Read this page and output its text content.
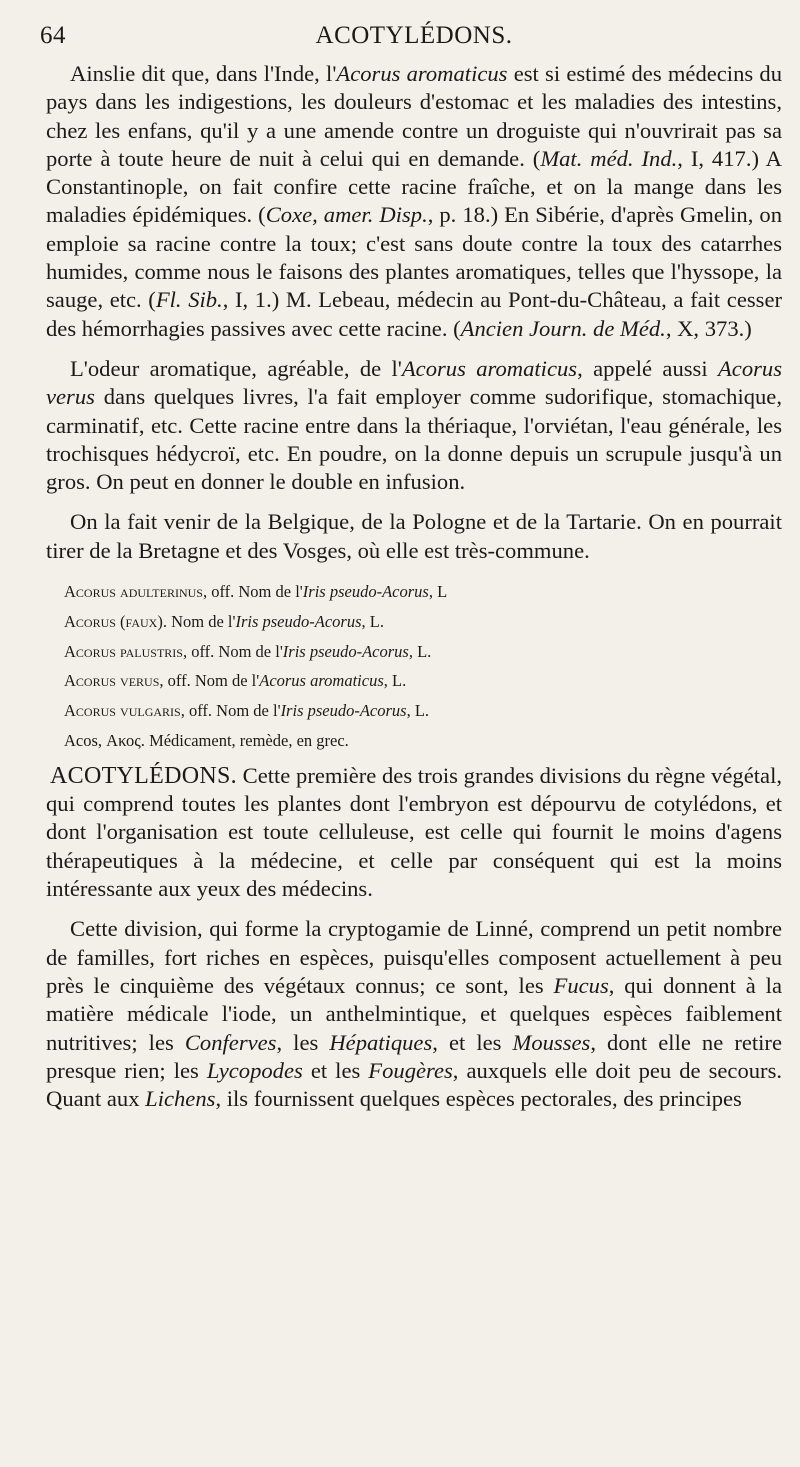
64	ACOTYLÉDONS.

Ainslie dit que, dans l'Inde, l'Acorus aromaticus est si estimé des médecins du pays dans les indigestions, les douleurs d'estomac et les maladies des intestins, chez les enfans, qu'il y a une amende contre un droguiste qui n'ouvrirait pas sa porte à toute heure de nuit à celui qui en demande. (Mat. méd. Ind., I, 417.) A Constantinople, on fait confire cette racine fraîche, et on la mange dans les maladies épidémiques. (Coxe, amer. Disp., p. 18.) En Sibérie, d'après Gmelin, on emploie sa racine contre la toux; c'est sans doute contre la toux des catarrhes humides, comme nous le faisons des plantes aromatiques, telles que l'hyssope, la sauge, etc. (Fl. Sib., I, 1.) M. Lebeau, médecin au Pont-du-Château, a fait cesser des hémorrhagies passives avec cette racine. (Ancien Journ. de Méd., X, 373.)

L'odeur aromatique, agréable, de l'Acorus aromaticus, appelé aussi Acorus verus dans quelques livres, l'a fait employer comme sudorifique, stomachique, carminatif, etc. Cette racine entre dans la thériaque, l'orviétan, l'eau générale, les trochisques hédycroï, etc. En poudre, on la donne depuis un scrupule jusqu'à un gros. On peut en donner le double en infusion.

On la fait venir de la Belgique, de la Pologne et de la Tartarie. On en pourrait tirer de la Bretagne et des Vosges, où elle est très-commune.

Acorus adulterinus, off. Nom de l'Iris pseudo-Acorus, L
Acorus (faux). Nom de l'Iris pseudo-Acorus, L.
Acorus palustris, off. Nom de l'Iris pseudo-Acorus, L.
Acorus verus, off. Nom de l'Acorus aromaticus, L.
Acorus vulgaris, off. Nom de l'Iris pseudo-Acorus, L.
Acos, Ακος. Médicament, remède, en grec.

ACOTYLÉDONS. Cette première des trois grandes divisions du règne végétal, qui comprend toutes les plantes dont l'embryon est dépourvu de cotylédons, et dont l'organisation est toute celluleuse, est celle qui fournit le moins d'agens thérapeutiques à la médecine, et celle par conséquent qui est la moins intéressante aux yeux des médecins.

Cette division, qui forme la cryptogamie de Linné, comprend un petit nombre de familles, fort riches en espèces, puisqu'elles composent actuellement à peu près le cinquième des végétaux connus; ce sont, les Fucus, qui donnent à la matière médicale l'iode, un anthelmintique, et quelques espèces faiblement nutritives; les Conferves, les Hépatiques, et les Mousses, dont elle ne retire presque rien; les Lycopodes et les Fougères, auxquels elle doit peu de secours. Quant aux Lichens, ils fournissent quelques espèces pectorales, des principes
